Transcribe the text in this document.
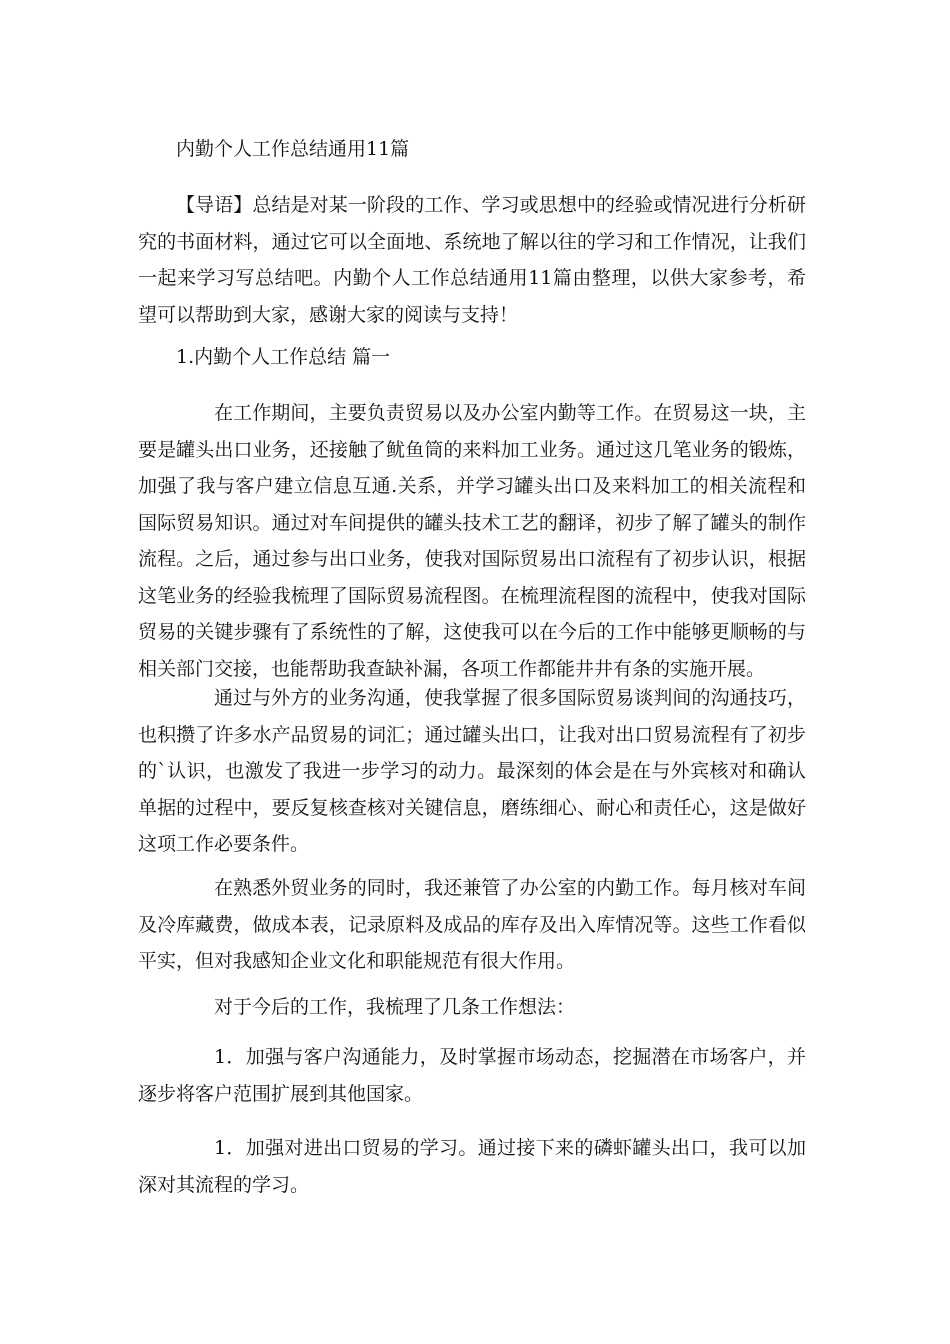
内勤个人工作总结通用11篇

【导语】总结是对某一阶段的工作、学习或思想中的经验或情况进行分析研究的书面材料，通过它可以全面地、系统地了解以往的学习和工作情况，让我们一起来学习写总结吧。内勤个人工作总结通用11篇由整理，以供大家参考，希望可以帮助到大家，感谢大家的阅读与支持！

1.内勤个人工作总结 篇一

在工作期间，主要负责贸易以及办公室内勤等工作。在贸易这一块，主要是罐头出口业务，还接触了鱿鱼筒的来料加工业务。通过这几笔业务的锻炼，加强了我与客户建立信息互通.关系，并学习罐头出口及来料加工的相关流程和国际贸易知识。通过对车间提供的罐头技术工艺的翻译，初步了解了罐头的制作流程。之后，通过参与出口业务，使我对国际贸易出口流程有了初步认识，根据这笔业务的经验我梳理了国际贸易流程图。在梳理流程图的流程中，使我对国际贸易的关键步骤有了系统性的了解，这使我可以在今后的工作中能够更顺畅的与相关部门交接，也能帮助我查缺补漏，各项工作都能井井有条的实施开展。

通过与外方的业务沟通，使我掌握了很多国际贸易谈判间的沟通技巧，也积攒了许多水产品贸易的词汇；通过罐头出口，让我对出口贸易流程有了初步的`认识，也激发了我进一步学习的动力。最深刻的体会是在与外宾核对和确认单据的过程中，要反复核查核对关键信息，磨练细心、耐心和责任心，这是做好这项工作必要条件。

在熟悉外贸业务的同时，我还兼管了办公室的内勤工作。每月核对车间及冷库藏费，做成本表，记录原料及成品的库存及出入库情况等。这些工作看似平实，但对我感知企业文化和职能规范有很大作用。

对于今后的工作，我梳理了几条工作想法：

1．加强与客户沟通能力，及时掌握市场动态，挖掘潜在市场客户，并逐步将客户范围扩展到其他国家。

1．加强对进出口贸易的学习。通过接下来的磷虾罐头出口，我可以加深对其流程的学习。
